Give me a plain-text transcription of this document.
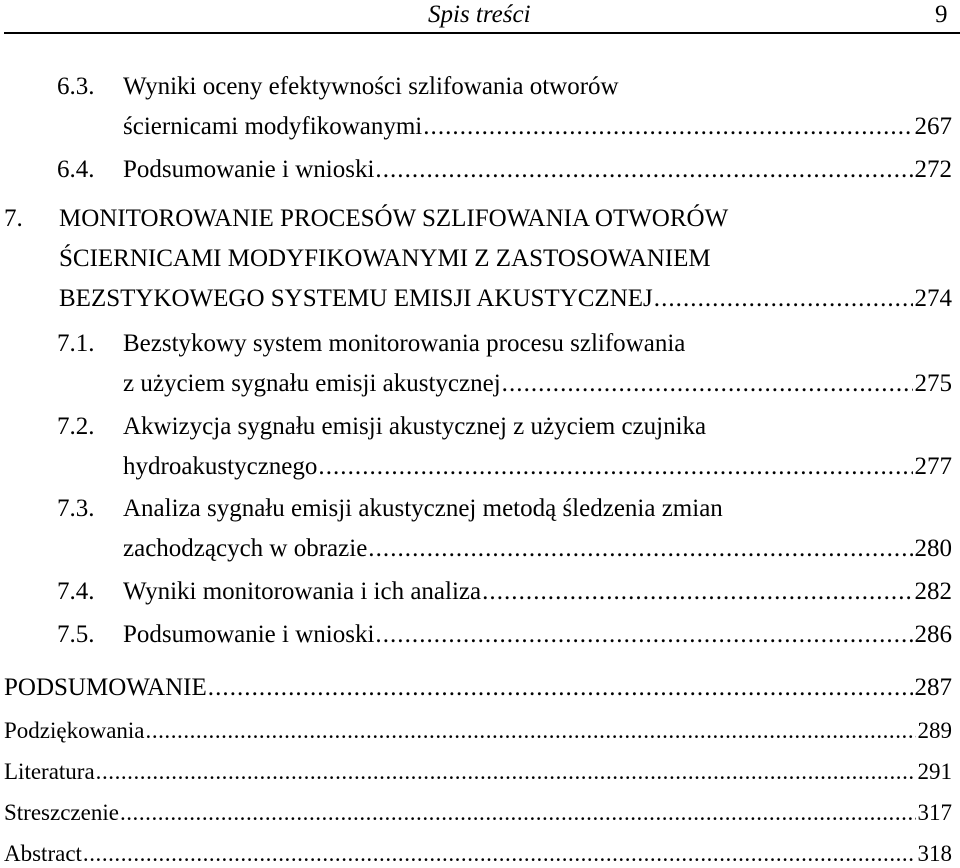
Spis treści	9
6.3. Wyniki oceny efektywności szlifowania otworów
ściernicami modyfikowanymi . . .	267
6.4. Podsumowanie i wnioski . . .	272
7. MONITOROWANIE PROCESÓW SZLIFOWANIA OTWORÓW
ŚCIERNICAMI MODYFIKOWANYMI Z ZASTOSOWANIEM
BEZSTYKOWEGO SYSTEMU EMISJI AKUSTYCZNEJ . . .	274
7.1. Bezstykowy system monitorowania procesu szlifowania
z użyciem sygnału emisji akustycznej . . .	275
7.2. Akwizycja sygnału emisji akustycznej z użyciem czujnika
hydroakustycznego . . .	277
7.3. Analiza sygnału emisji akustycznej metodą śledzenia zmian
zachodzących w obrazie . . .	280
7.4. Wyniki monitorowania i ich analiza . . .	282
7.5. Podsumowanie i wnioski . . .	286
PODSUMOWANIE . . .	287
Podziękowania . . .	289
Literatura . . .	291
Streszczenie . . .	317
Abstract . . .	318
